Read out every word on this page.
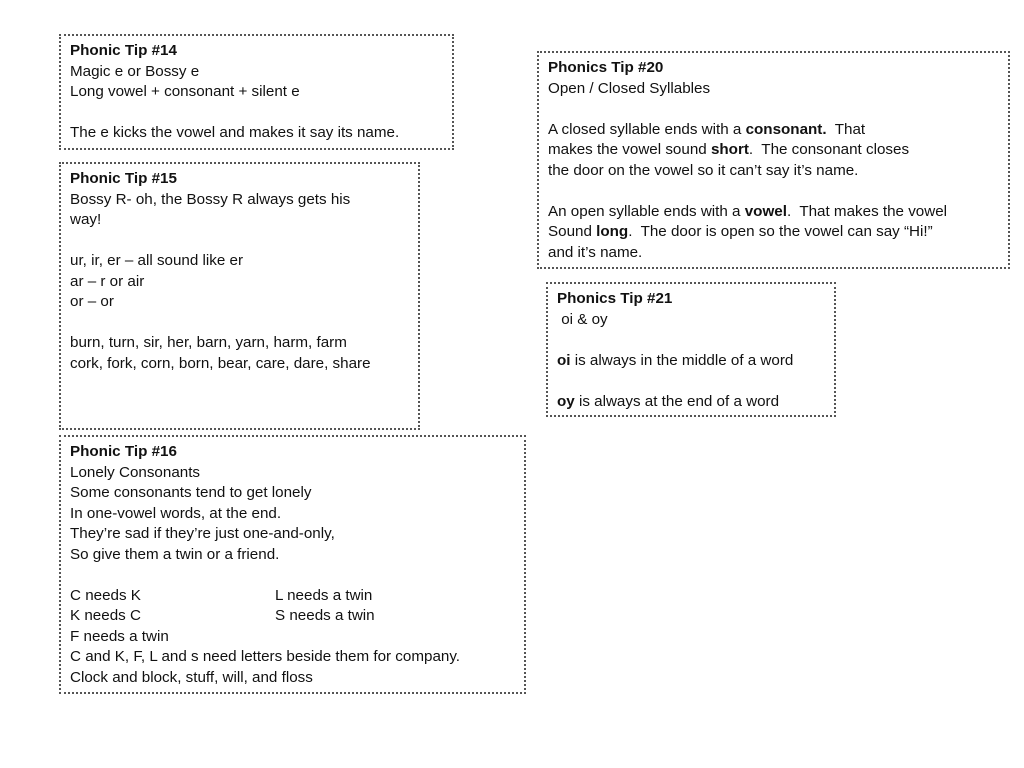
Phonic Tip #14
Magic e or Bossy e
Long vowel + consonant + silent e
The e kicks the vowel and makes it say its name.
Phonic Tip #15
Bossy R- oh, the Bossy R always gets his
way!
ur, ir, er – all sound like er
ar – r or air
or – or
burn, turn, sir, her, barn, yarn, harm, farm
cork, fork, corn, born, bear, care, dare, share
Phonic Tip #16
Lonely Consonants
Some consonants tend to get lonely
In one-vowel words, at the end.
They’re sad if they’re just one-and-only,
So give them a twin or a friend.
C needs K	L needs a twin
K needs C	S needs a twin
F needs a twin
C and K, F, L and s need letters beside them for company.
Clock and block, stuff, will, and floss
Phonics Tip #20
Open / Closed Syllables
A closed syllable ends with a consonant.  That
makes the vowel sound short.  The consonant closes
the door on the vowel so it can’t say it’s name.
An open syllable ends with a vowel.  That makes the vowel
Sound long.  The door is open so the vowel can say “Hi!”
and it’s name.
Phonics Tip #21
oi & oy
oi is always in the middle of a word
oy is always at the end of a word
